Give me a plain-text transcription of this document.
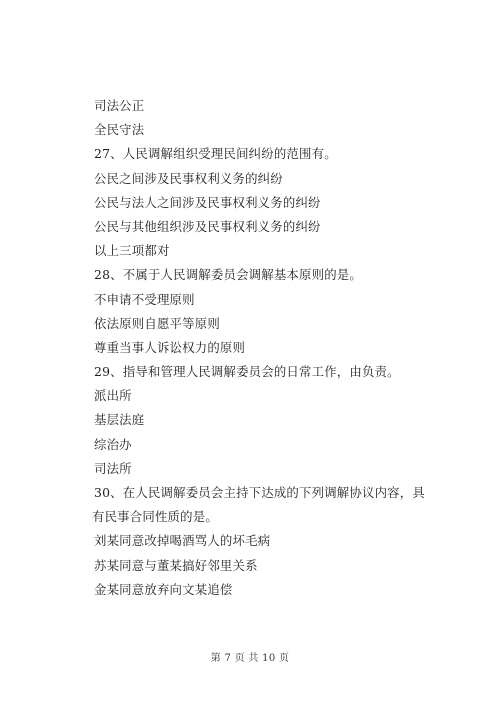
司法公正
全民守法
27、人民调解组织受理民间纠纷的范围有。
公民之间涉及民事权利义务的纠纷
公民与法人之间涉及民事权利义务的纠纷
公民与其他组织涉及民事权利义务的纠纷
以上三项都对
28、不属于人民调解委员会调解基本原则的是。
不申请不受理原则
依法原则自愿平等原则
尊重当事人诉讼权力的原则
29、指导和管理人民调解委员会的日常工作，由负责。
派出所
基层法庭
综治办
司法所
30、在人民调解委员会主持下达成的下列调解协议内容，具
有民事合同性质的是。
刘某同意改掉喝酒骂人的坏毛病
苏某同意与董某搞好邻里关系
金某同意放弃向文某追偿
第 7 页 共 10 页
